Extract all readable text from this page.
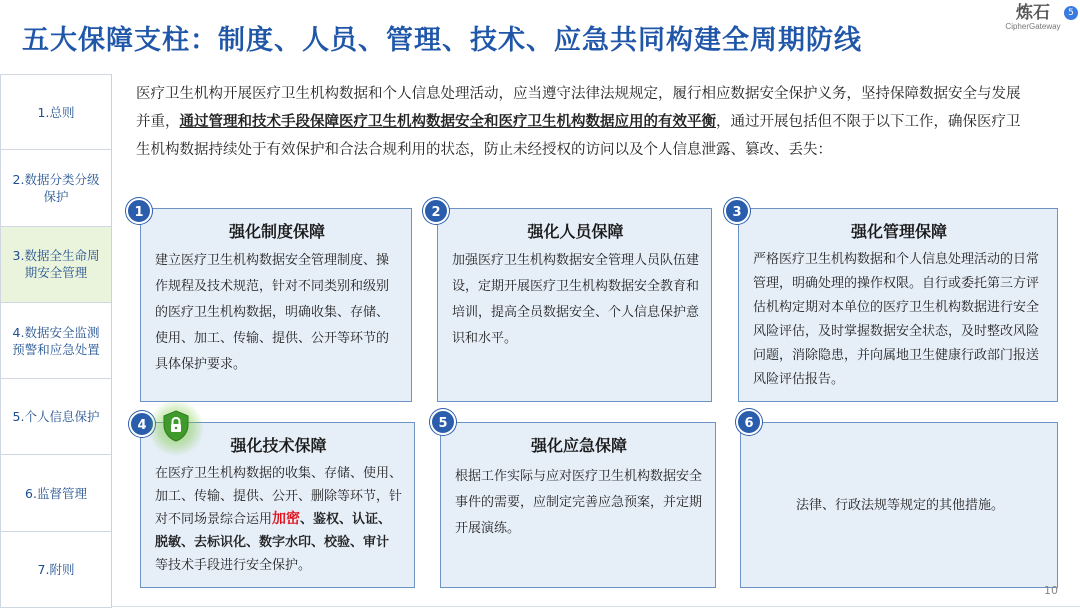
五大保障支柱：制度、人员、管理、技术、应急共同构建全周期防线
炼石
CipherGateway
5
1.总则
2.数据分类分级保护
3.数据全生命周期安全管理
4.数据安全监测预警和应急处置
5.个人信息保护
6.监督管理
7.附则
医疗卫生机构开展医疗卫生机构数据和个人信息处理活动，应当遵守法律法规规定，履行相应数据安全保护义务，坚持保障数据安全与发展并重，通过管理和技术手段保障医疗卫生机构数据安全和医疗卫生机构数据应用的有效平衡，通过开展包括但不限于以下工作，确保医疗卫生机构数据持续处于有效保护和合法合规利用的状态，防止未经授权的访问以及个人信息泄露、篡改、丢失：
强化制度保障
建立医疗卫生机构数据安全管理制度、操作规程及技术规范，针对不同类别和级别的医疗卫生机构数据，明确收集、存储、使用、加工、传输、提供、公开等环节的具体保护要求。
1
强化人员保障
加强医疗卫生机构数据安全管理人员队伍建设，定期开展医疗卫生机构数据安全教育和培训，提高全员数据安全、个人信息保护意识和水平。
2
强化管理保障
严格医疗卫生机构数据和个人信息处理活动的日常管理，明确处理的操作权限。自行或委托第三方评估机构定期对本单位的医疗卫生机构数据进行安全风险评估，及时掌握数据安全状态，及时整改风险问题，消除隐患，并向属地卫生健康行政部门报送风险评估报告。
3
强化技术保障
在医疗卫生机构数据的收集、存储、使用、加工、传输、提供、公开、删除等环节，针对不同场景综合运用加密、鉴权、认证、脱敏、去标识化、数字水印、校验、审计等技术手段进行安全保护。
4
强化应急保障
根据工作实际与应对医疗卫生机构数据安全事件的需要，应制定完善应急预案，并定期开展演练。
5
法律、行政法规等规定的其他措施。
6
10
